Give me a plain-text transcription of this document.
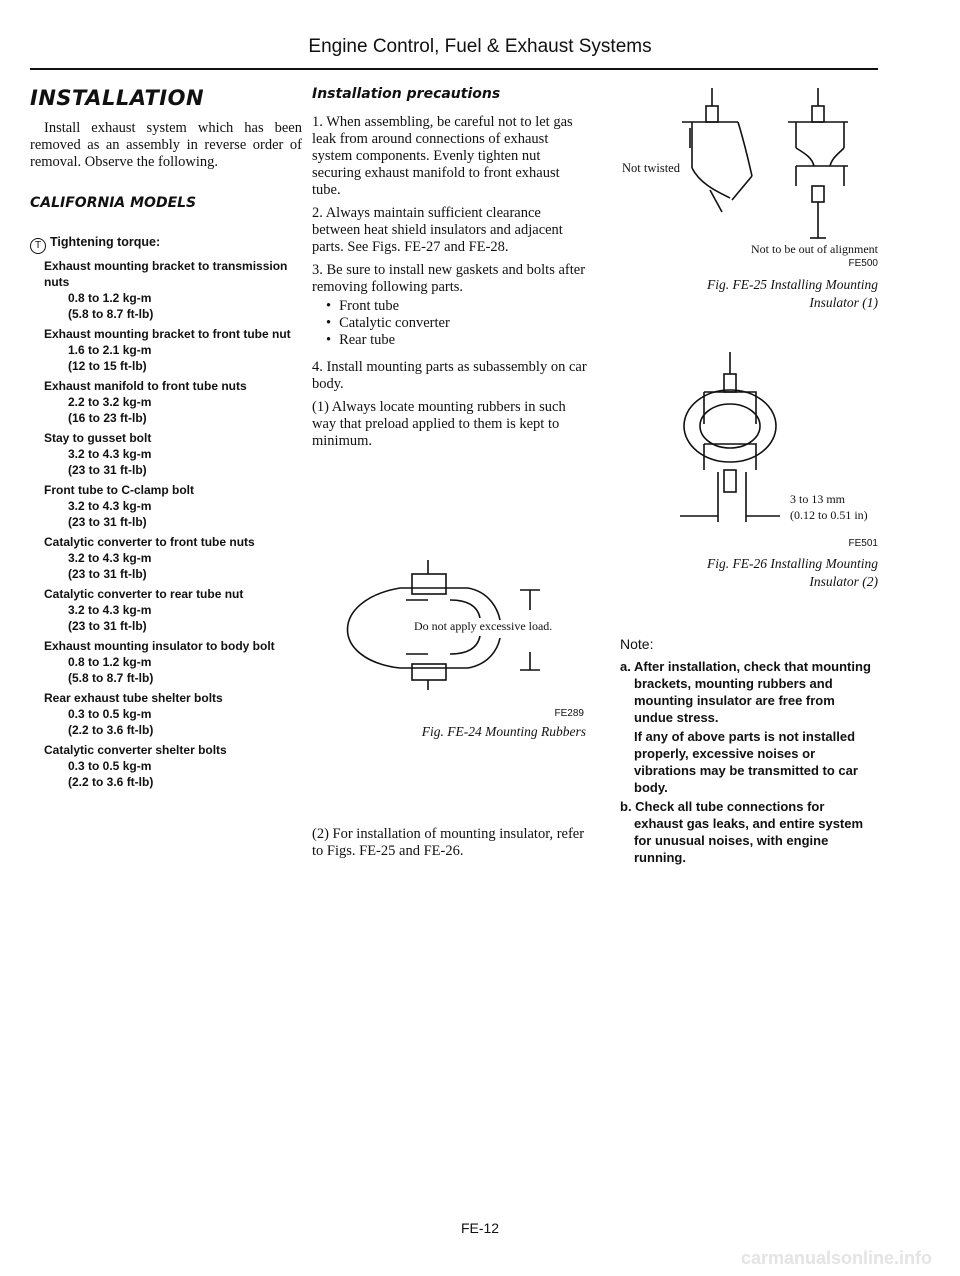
Engine Control, Fuel & Exhaust Systems
INSTALLATION
Install exhaust system which has been removed as an assembly in reverse order of removal. Observe the following.
CALIFORNIA MODELS
T Tightening torque:
Exhaust mounting bracket to transmission nuts
0.8 to 1.2 kg-m
(5.8 to 8.7 ft-lb)
Exhaust mounting bracket to front tube nut
1.6 to 2.1 kg-m
(12 to 15 ft-lb)
Exhaust manifold to front tube nuts
2.2 to 3.2 kg-m
(16 to 23 ft-lb)
Stay to gusset bolt
3.2 to 4.3 kg-m
(23 to 31 ft-lb)
Front tube to C-clamp bolt
3.2 to 4.3 kg-m
(23 to 31 ft-lb)
Catalytic converter to front tube nuts
3.2 to 4.3 kg-m
(23 to 31 ft-lb)
Catalytic converter to rear tube nut
3.2 to 4.3 kg-m
(23 to 31 ft-lb)
Exhaust mounting insulator to body bolt
0.8 to 1.2 kg-m
(5.8 to 8.7 ft-lb)
Rear exhaust tube shelter bolts
0.3 to 0.5 kg-m
(2.2 to 3.6 ft-lb)
Catalytic converter shelter bolts
0.3 to 0.5 kg-m
(2.2 to 3.6 ft-lb)
Installation precautions
1. When assembling, be careful not to let gas leak from around connections of exhaust system components. Evenly tighten nut securing exhaust manifold to front exhaust tube.
2. Always maintain sufficient clearance between heat shield insulators and adjacent parts. See Figs. FE-27 and FE-28.
3. Be sure to install new gaskets and bolts after removing following parts.
• Front tube
• Catalytic converter
• Rear tube
4. Install mounting parts as subassembly on car body.
(1) Always locate mounting rubbers in such way that preload applied to them is kept to minimum.
Do not apply excessive load.
FE289
Fig. FE-24 Mounting Rubbers
(2) For installation of mounting insulator, refer to Figs. FE-25 and FE-26.
Not twisted
Not to be out of alignment
FE500
Fig. FE-25 Installing Mounting
Insulator (1)
3 to 13 mm
(0.12 to 0.51 in)
FE501
Fig. FE-26 Installing Mounting
Insulator (2)
Note:
a. After installation, check that mounting brackets, mounting rubbers and mounting insulator are free from undue stress.
If any of above parts is not installed properly, excessive noises or vibrations may be transmitted to car body.
b. Check all tube connections for exhaust gas leaks, and entire system for unusual noises, with engine running.
FE-12
carmanualsonline.info
